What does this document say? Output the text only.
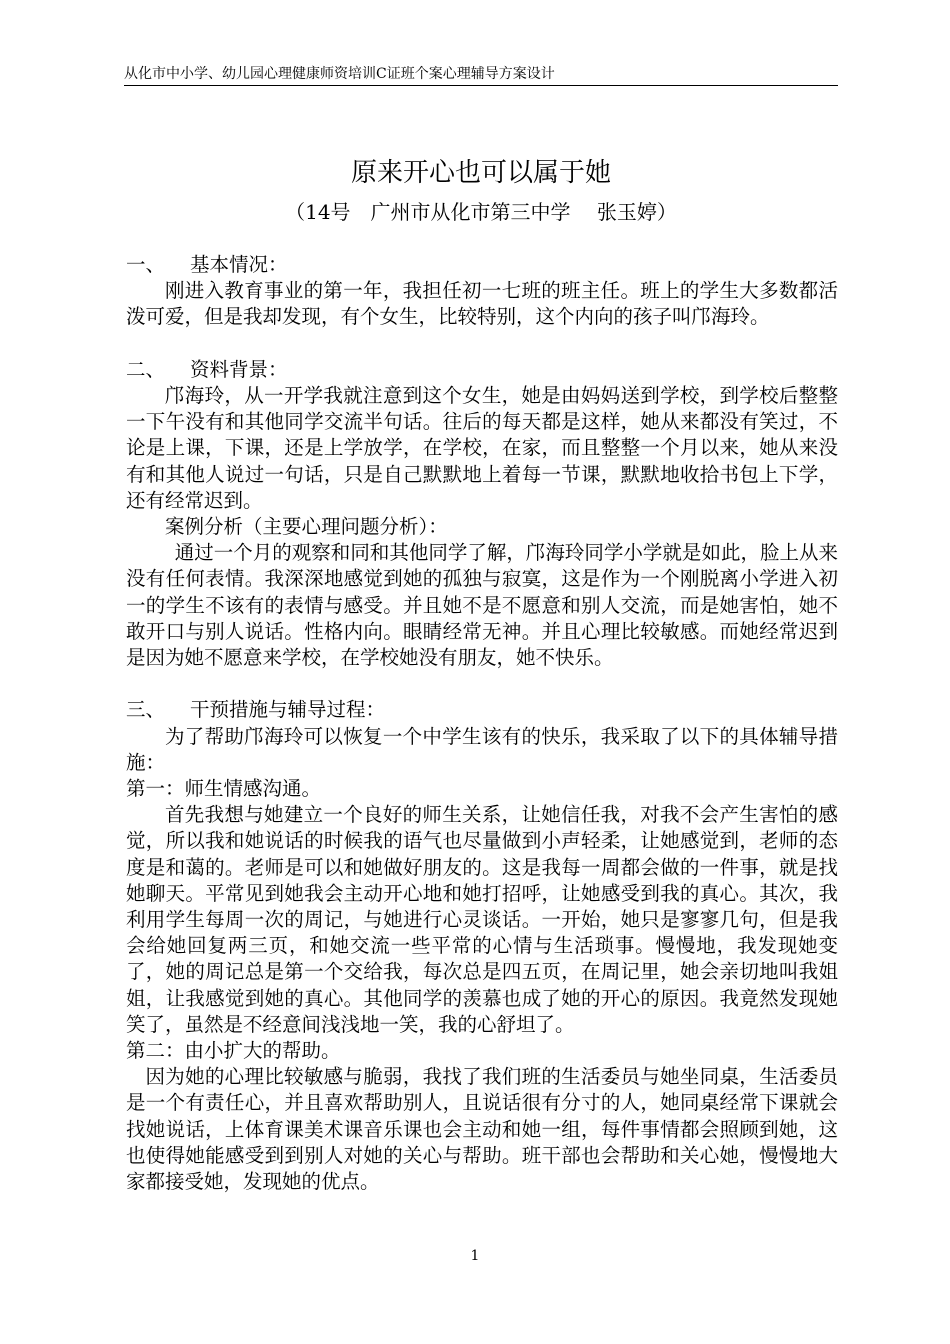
从化市中小学、幼儿园心理健康师资培训C证班个案心理辅导方案设计
原来开心也可以属于她
（14号　广州市从化市第三中学　 张玉婷）

一、 基本情况：

刚进入教育事业的第一年，我担任初一七班的班主任。班上的学生大多数都活泼可爱，但是我却发现，有个女生，比较特别，这个内向的孩子叫邝海玲。

二、 资料背景：

邝海玲，从一开学我就注意到这个女生，她是由妈妈送到学校，到学校后整整一下午没有和其他同学交流半句话。往后的每天都是这样，她从来都没有笑过，不论是上课，下课，还是上学放学，在学校，在家，而且整整一个月以来，她从来没有和其他人说过一句话，只是自己默默地上着每一节课，默默地收拾书包上下学，还有经常迟到。

案例分析（主要心理问题分析）：

通过一个月的观察和同和其他同学了解，邝海玲同学小学就是如此，脸上从来没有任何表情。我深深地感觉到她的孤独与寂寞，这是作为一个刚脱离小学进入初一的学生不该有的表情与感受。并且她不是不愿意和别人交流，而是她害怕，她不敢开口与别人说话。性格内向。眼睛经常无神。并且心理比较敏感。而她经常迟到是因为她不愿意来学校，在学校她没有朋友，她不快乐。

三、 干预措施与辅导过程：

为了帮助邝海玲可以恢复一个中学生该有的快乐，我采取了以下的具体辅导措施：

第一：师生情感沟通。

首先我想与她建立一个良好的师生关系，让她信任我，对我不会产生害怕的感觉，所以我和她说话的时候我的语气也尽量做到小声轻柔，让她感觉到，老师的态度是和蔼的。老师是可以和她做好朋友的。这是我每一周都会做的一件事，就是找她聊天。平常见到她我会主动开心地和她打招呼，让她感受到我的真心。其次，我利用学生每周一次的周记，与她进行心灵谈话。一开始，她只是寥寥几句，但是我会给她回复两三页，和她交流一些平常的心情与生活琐事。慢慢地，我发现她变了，她的周记总是第一个交给我，每次总是四五页，在周记里，她会亲切地叫我姐姐，让我感觉到她的真心。其他同学的羡慕也成了她的开心的原因。我竟然发现她笑了，虽然是不经意间浅浅地一笑，我的心舒坦了。

第二：由小扩大的帮助。

因为她的心理比较敏感与脆弱，我找了我们班的生活委员与她坐同桌，生活委员是一个有责任心，并且喜欢帮助别人，且说话很有分寸的人，她同桌经常下课就会找她说话，上体育课美术课音乐课也会主动和她一组，每件事情都会照顾到她，这也使得她能感受到到别人对她的关心与帮助。班干部也会帮助和关心她，慢慢地大家都接受她，发现她的优点。

1
